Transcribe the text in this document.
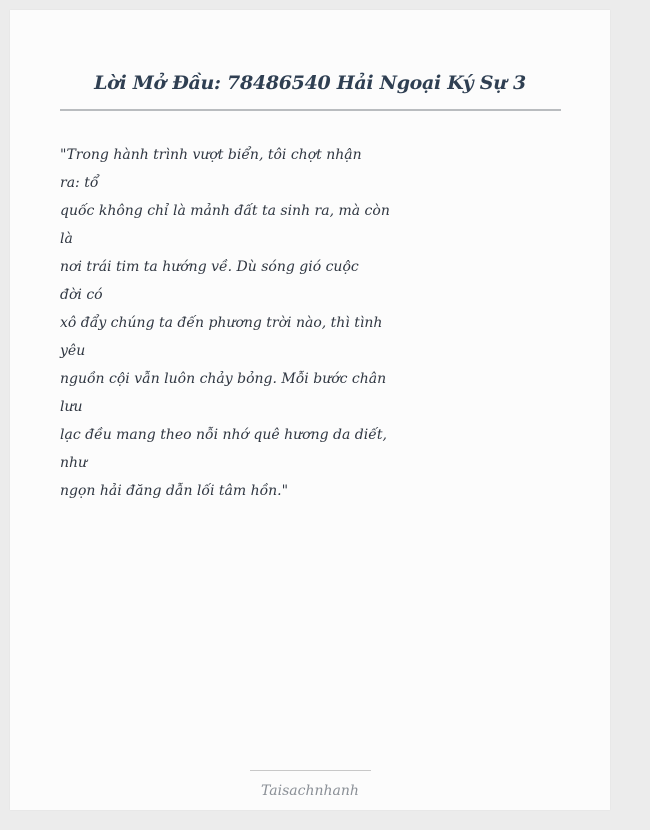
Lời Mở Đầu: 78486540 Hải Ngoại Ký Sự 3
"Trong hành trình vượt biển, tôi chợt nhận
ra: tổ
quốc không chỉ là mảnh đất ta sinh ra, mà còn
là
nơi trái tim ta hướng về. Dù sóng gió cuộc
đời có
xô đẩy chúng ta đến phương trời nào, thì tình
yêu
nguồn cội vẫn luôn chảy bỏng. Mỗi bước chân
lưu
lạc đều mang theo nỗi nhớ quê hương da diết,
như
ngọn hải đăng dẫn lối tâm hồn."
Taisachnhanh
